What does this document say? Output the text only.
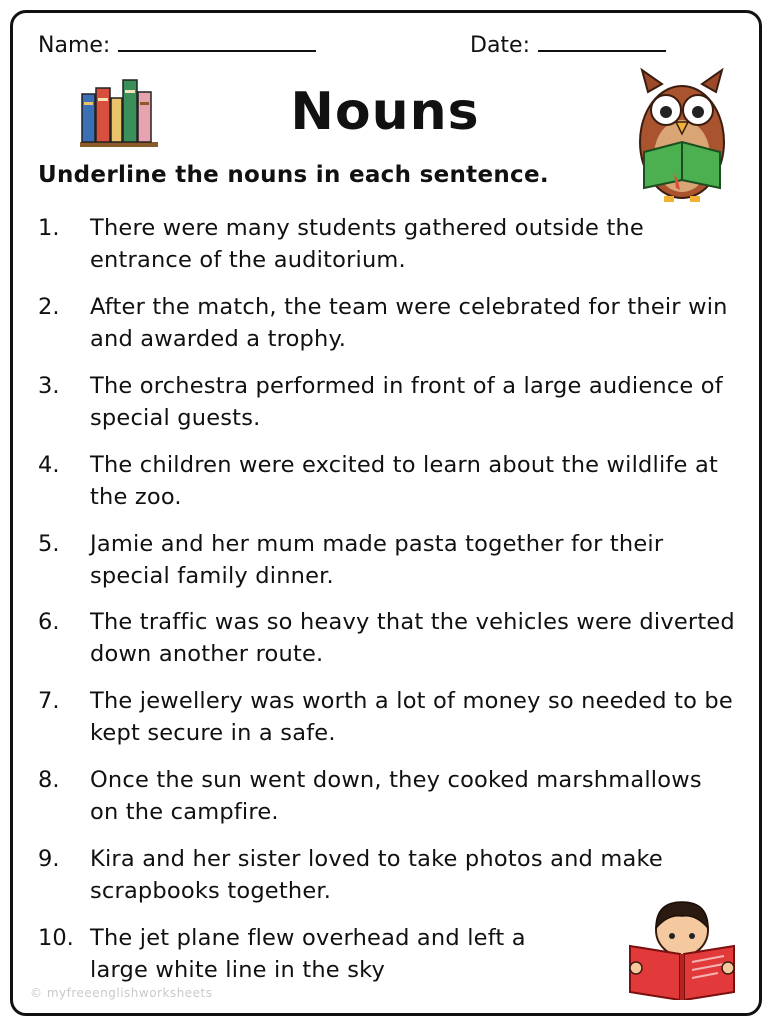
Name:	Date:
Nouns
Underline the nouns in each sentence.
1.	There were many students gathered outside the entrance of the auditorium.
2.	After the match, the team were celebrated for their win and awarded a trophy.
3.	The orchestra performed in front of a large audience of special guests.
4.	The children were excited to learn about the wildlife at the zoo.
5.	Jamie and her mum made pasta together for their special family dinner.
6.	The traffic was so heavy that the vehicles were diverted down another route.
7.	The jewellery was worth a lot of money so needed to be kept secure in a safe.
8.	Once the sun went down, they cooked marshmallows on the campfire.
9.	Kira and her sister loved to take photos and make scrapbooks together.
10. The jet plane flew overhead and left a large white line in the sky
© myfreeenglishworksheets
